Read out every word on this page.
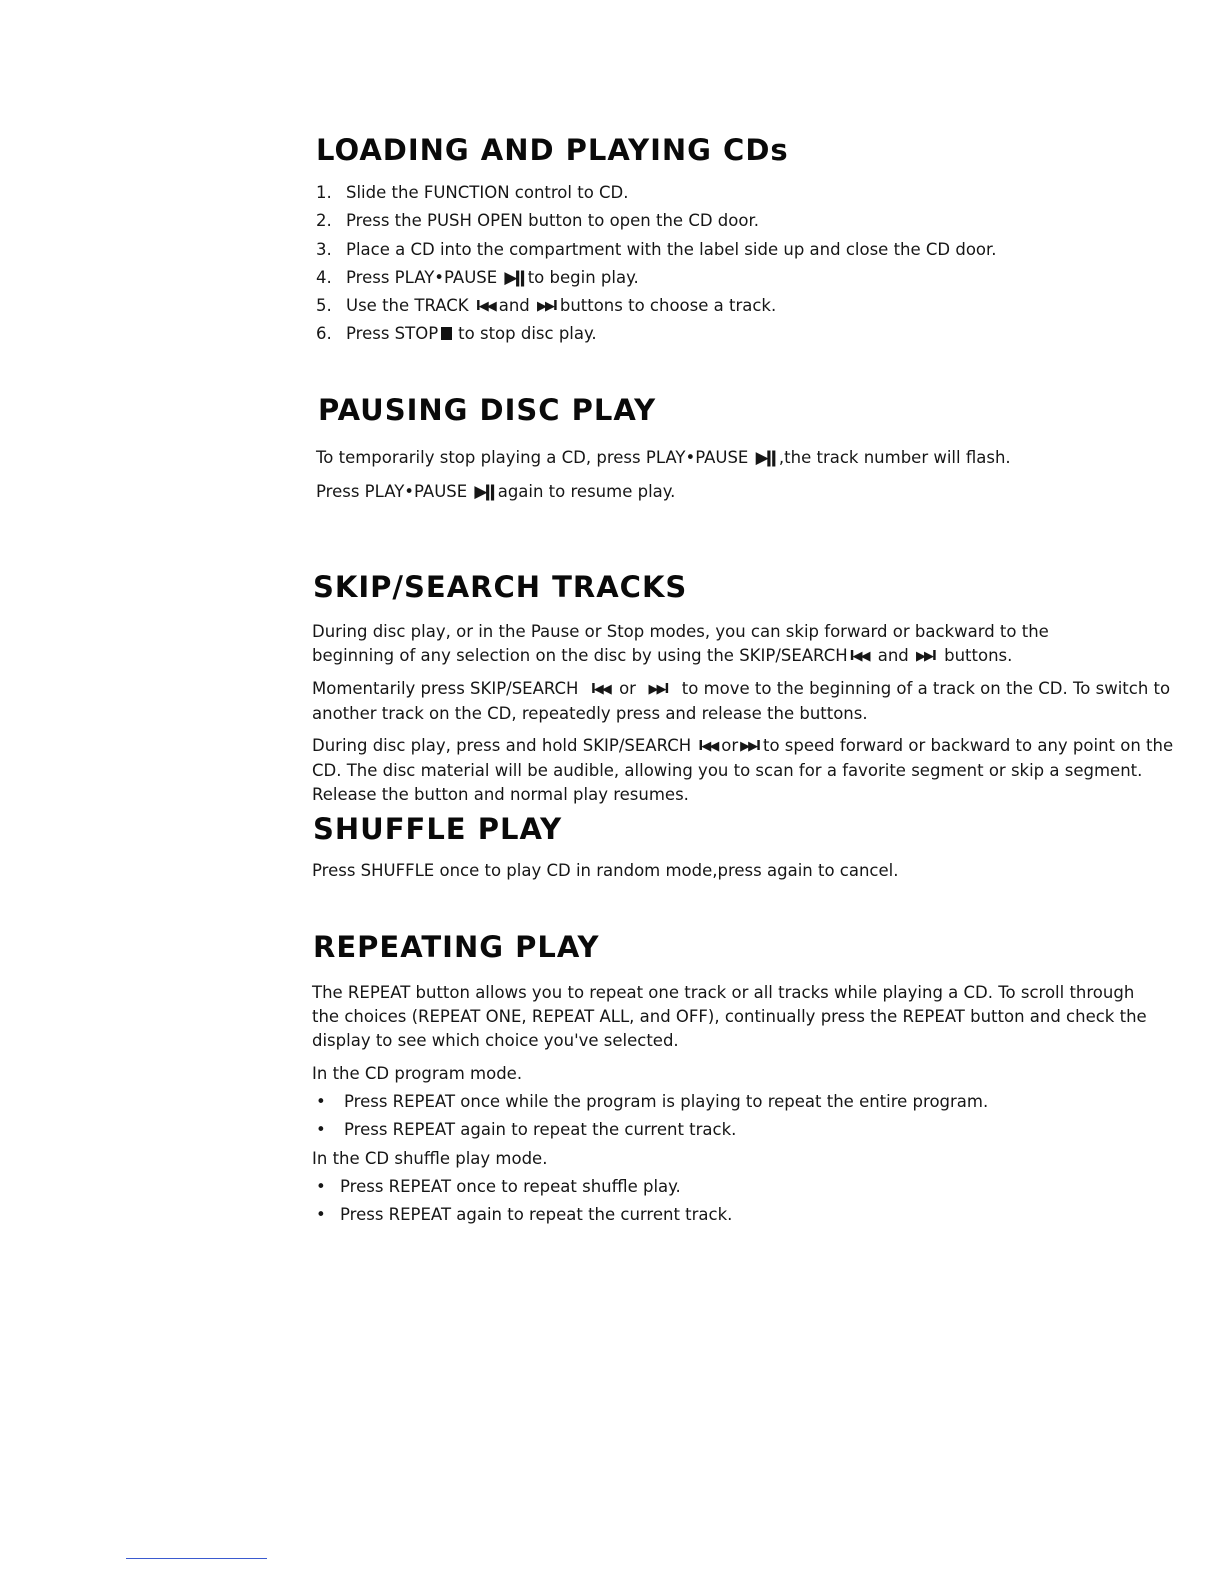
LOADING AND PLAYING CDs

1. Slide the FUNCTION control to CD.

2. Press the PUSH OPEN button to open the CD door.

3. Place a CD into the compartment with the label side up and close the CD door.

4. Press PLAY•PAUSE ▶ǁ to begin play.

5. Use the TRACK I◀◀ and ▶▶I buttons to choose a track.

6. Press STOP to stop disc play.

PAUSING DISC PLAY

To temporarily stop playing a CD, press PLAY•PAUSE ▶ǁ ,the track number will flash.

Press PLAY•PAUSE ▶ǁ again to resume play.

SKIP/SEARCH TRACKS

During disc play, or in the Pause or Stop modes, you can skip forward or backward to the beginning of any selection on the disc by using the SKIP/SEARCH I◀◀ and ▶▶I buttons.

Momentarily press SKIP/SEARCH I◀◀ or ▶▶I to move to the beginning of a track on the CD. To switch to another track on the CD, repeatedly press and release the buttons.

During disc play, press and hold SKIP/SEARCH I◀◀ or ▶▶I to speed forward or backward to any point on the CD. The disc material will be audible, allowing you to scan for a favorite segment or skip a segment. Release the button and normal play resumes.

SHUFFLE PLAY

Press SHUFFLE once to play CD in random mode,press again to cancel.

REPEATING PLAY

The REPEAT button allows you to repeat one track or all tracks while playing a CD. To scroll through the choices (REPEAT ONE, REPEAT ALL, and OFF), continually press the REPEAT button and check the display to see which choice you've selected.

In the CD program mode.

• Press REPEAT once while the program is playing to repeat the entire program.

• Press REPEAT again to repeat the current track.

In the CD shuffle play mode.

• Press REPEAT once to repeat shuffle play.

• Press REPEAT again to repeat the current track.
